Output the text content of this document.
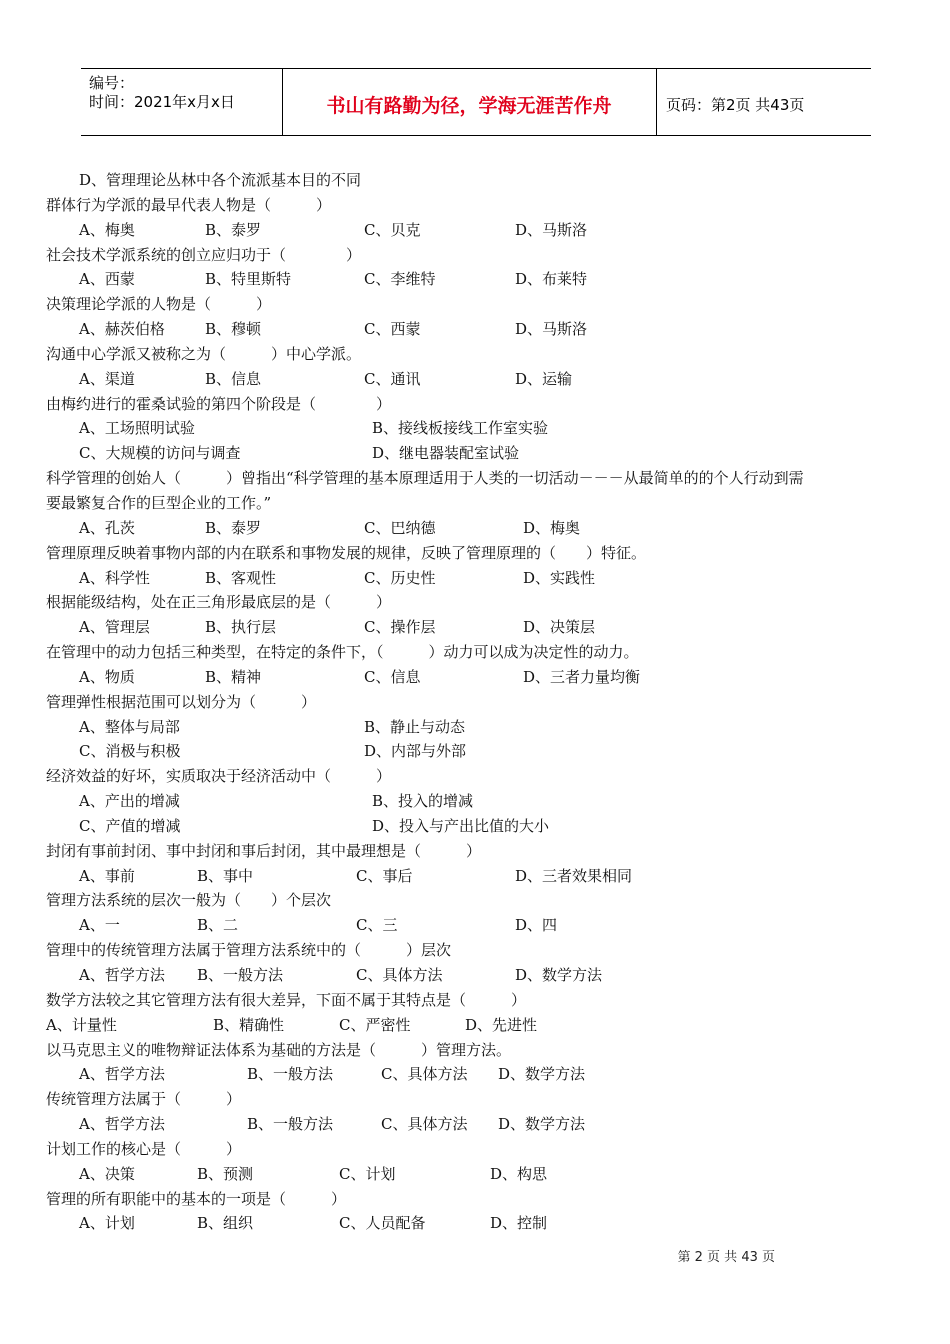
编号：
时间：2021年x月x日	书山有路勤为径，学海无涯苦作舟	页码：第2页 共43页
D、管理理论丛林中各个流派基本目的不同
群体行为学派的最早代表人物是（　　　）
A、梅奥	B、泰罗	C、贝克	D、马斯洛
社会技术学派系统的创立应归功于（　　　　）
A、西蒙	B、特里斯特	C、李维特	D、布莱特
决策理论学派的人物是（　　　）
A、赫茨伯格	B、穆顿	C、西蒙	D、马斯洛
沟通中心学派又被称之为（　　　）中心学派。
A、渠道	B、信息	C、通讯	D、运输
由梅约进行的霍桑试验的第四个阶段是（　　　　）
A、工场照明试验	B、接线板接线工作室实验
C、大规模的访问与调查	D、继电器装配室试验
科学管理的创始人（　　　）曾指出“科学管理的基本原理适用于人类的一切活动－－－从最简单的的个人行动到需
要最繁复合作的巨型企业的工作。”
A、孔茨	B、泰罗	C、巴纳德	D、梅奥
管理原理反映着事物内部的内在联系和事物发展的规律，反映了管理原理的（　　）特征。
A、科学性	B、客观性	C、历史性	D、实践性
根据能级结构，处在正三角形最底层的是（　　　）
A、管理层	B、执行层	C、操作层	D、决策层
在管理中的动力包括三种类型，在特定的条件下，（　　　）动力可以成为决定性的动力。
A、物质	B、精神	C、信息	D、三者力量均衡
管理弹性根据范围可以划分为（　　　）
A、整体与局部	B、静止与动态
C、消极与积极	D、内部与外部
经济效益的好坏，实质取决于经济活动中（　　　）
A、产出的增减	B、投入的增减
C、产值的增减	D、投入与产出比值的大小
封闭有事前封闭、事中封闭和事后封闭，其中最理想是（　　　）
A、事前	B、事中	C、事后	D、三者效果相同
管理方法系统的层次一般为（　　）个层次
A、一	B、二	C、三	D、四
管理中的传统管理方法属于管理方法系统中的（　　　）层次
A、哲学方法 B、一般方法	C、具体方法	D、数学方法
数学方法较之其它管理方法有很大差异，下面不属于其特点是（　　　）
A、计量性	B、精确性	C、严密性	D、先进性
以马克思主义的唯物辩证法体系为基础的方法是（　　　）管理方法。
A、哲学方法	B、一般方法	C、具体方法 D、数学方法
传统管理方法属于（　　　）
A、哲学方法	B、一般方法	C、具体方法 D、数学方法
计划工作的核心是（　　　）
A、决策	B、预测	C、计划	D、构思
管理的所有职能中的基本的一项是（　　　）
A、计划	B、组织	C、人员配备	D、控制
第 2 页 共 43 页
